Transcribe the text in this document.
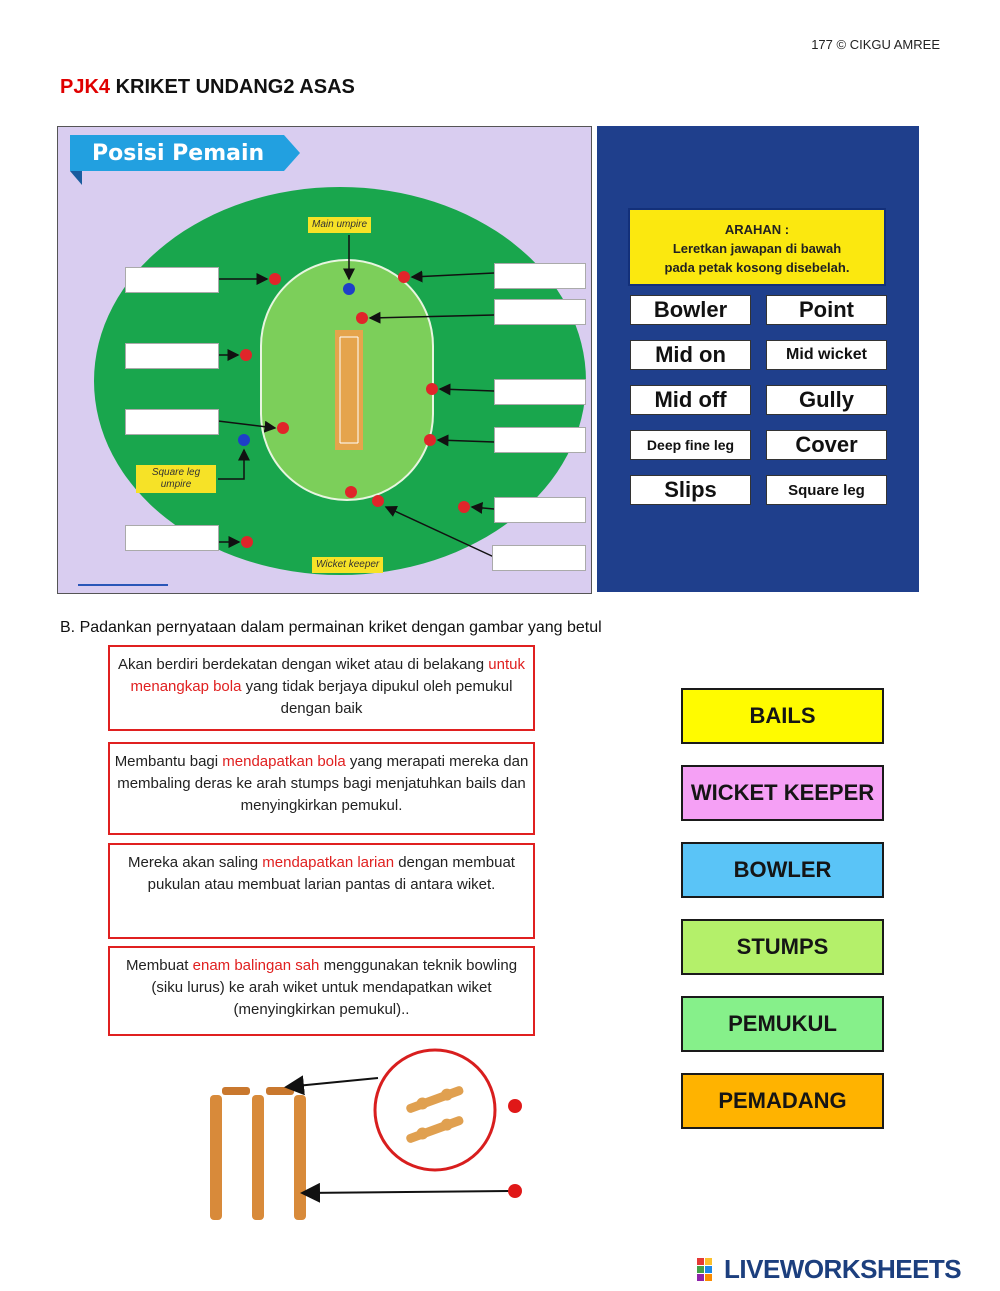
177 © CIKGU AMREE
PJK4 KRIKET UNDANG2 ASAS
Posisi Pemain
Main umpire
Square leg
umpire
Wicket keeper
ARAHAN :
Leretkan jawapan di bawah
pada petak kosong disebelah.
Bowler	Point
Mid on	Mid wicket
Mid off	Gully
Deep fine leg	Cover
Slips	Square leg
B. Padankan pernyataan dalam permainan kriket dengan gambar yang betul
Akan berdiri berdekatan dengan wiket atau di belakang untuk menangkap bola yang tidak berjaya dipukul oleh pemukul dengan baik
Membantu bagi mendapatkan bola yang merapati mereka dan membaling deras ke arah stumps bagi menjatuhkan bails dan menyingkirkan pemukul.
Mereka akan saling mendapatkan larian dengan membuat pukulan atau membuat larian pantas di antara wiket.
Membuat enam balingan sah menggunakan teknik bowling (siku lurus) ke arah wiket untuk mendapatkan wiket (menyingkirkan pemukul)..
BAILS
WICKET KEEPER
BOWLER
STUMPS
PEMUKUL
PEMADANG
LIVEWORKSHEETS
